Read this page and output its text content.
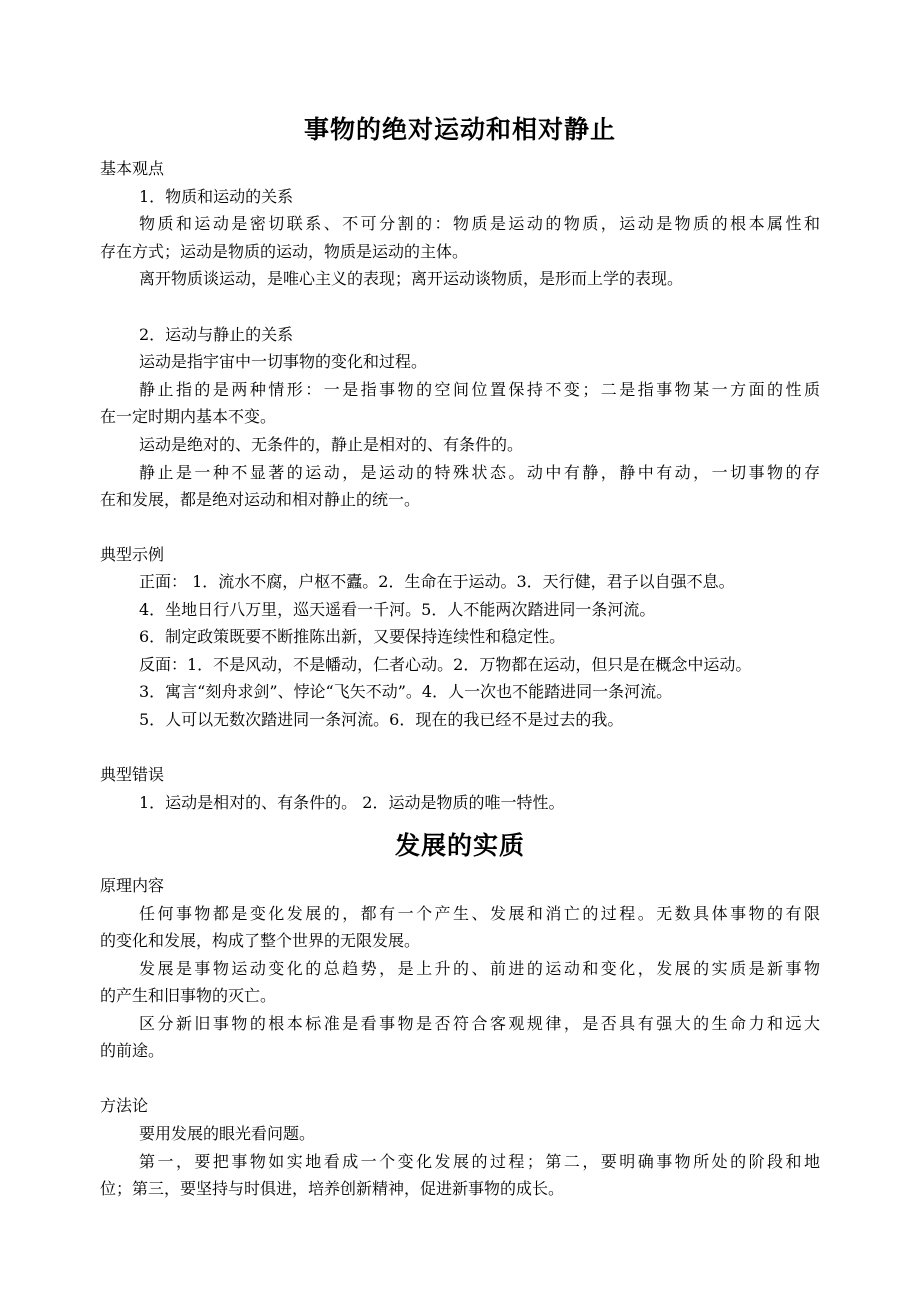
事物的绝对运动和相对静止
基本观点
1．物质和运动的关系
物质和运动是密切联系、不可分割的：物质是运动的物质，运动是物质的根本属性和
存在方式；运动是物质的运动，物质是运动的主体。
离开物质谈运动，是唯心主义的表现；离开运动谈物质，是形而上学的表现。
2．运动与静止的关系
运动是指宇宙中一切事物的变化和过程。
静止指的是两种情形：一是指事物的空间位置保持不变；二是指事物某一方面的性质
在一定时期内基本不变。
运动是绝对的、无条件的，静止是相对的、有条件的。
静止是一种不显著的运动，是运动的特殊状态。动中有静，静中有动，一切事物的存
在和发展，都是绝对运动和相对静止的统一。
典型示例
正面： 1．流水不腐，户枢不蠹。2．生命在于运动。3．天行健，君子以自强不息。
4．坐地日行八万里，巡天遥看一千河。5．人不能两次踏进同一条河流。
6．制定政策既要不断推陈出新，又要保持连续性和稳定性。
反面：1．不是风动，不是幡动，仁者心动。2．万物都在运动，但只是在概念中运动。
3．寓言“刻舟求剑”、悖论“飞矢不动”。4．人一次也不能踏进同一条河流。
5．人可以无数次踏进同一条河流。6．现在的我已经不是过去的我。
典型错误
1．运动是相对的、有条件的。 2．运动是物质的唯一特性。
发展的实质
原理内容
任何事物都是变化发展的，都有一个产生、发展和消亡的过程。无数具体事物的有限
的变化和发展，构成了整个世界的无限发展。
发展是事物运动变化的总趋势，是上升的、前进的运动和变化，发展的实质是新事物
的产生和旧事物的灭亡。
区分新旧事物的根本标准是看事物是否符合客观规律，是否具有强大的生命力和远大
的前途。
方法论
要用发展的眼光看问题。
第一，要把事物如实地看成一个变化发展的过程；第二，要明确事物所处的阶段和地
位；第三，要坚持与时俱进，培养创新精神，促进新事物的成长。
